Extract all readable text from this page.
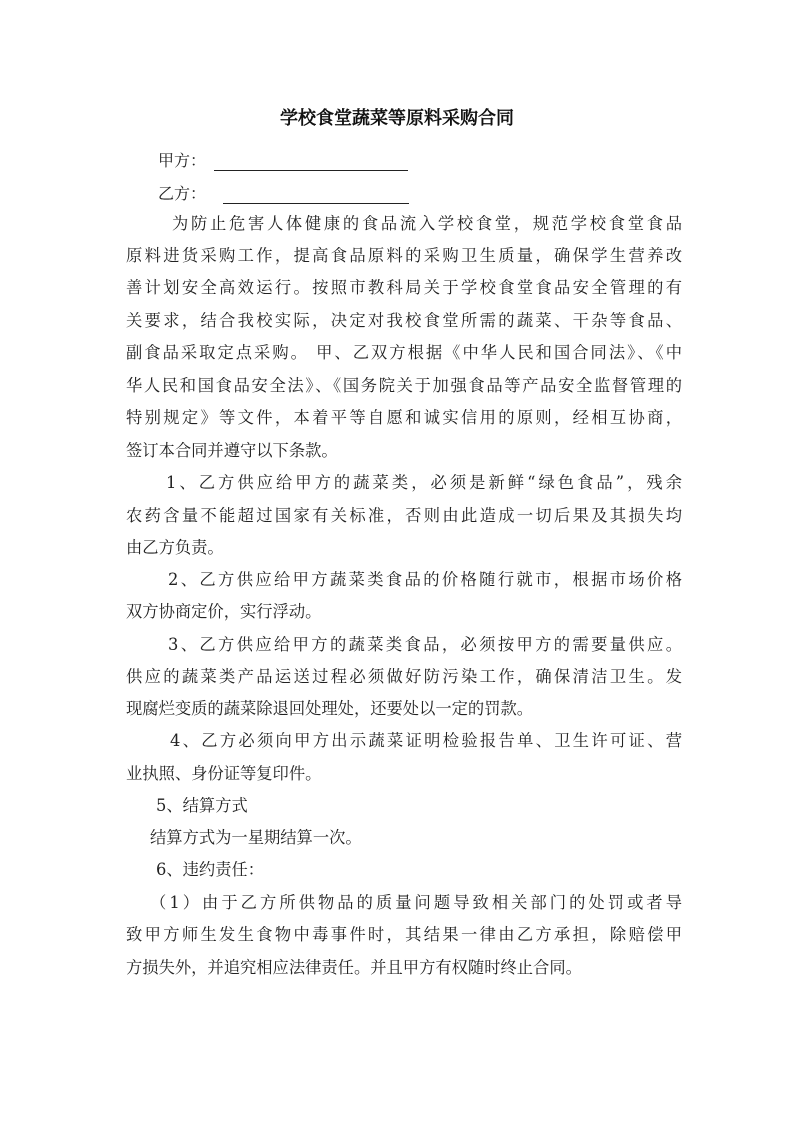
学校食堂蔬菜等原料采购合同
甲方：
乙方：
为防止危害人体健康的食品流入学校食堂，规范学校食堂食品
原料进货采购工作，提高食品原料的采购卫生质量，确保学生营养改
善计划安全高效运行。按照市教科局关于学校食堂食品安全管理的有
关要求，结合我校实际，决定对我校食堂所需的蔬菜、干杂等食品、
副食品采取定点采购。 甲、乙双方根据《中华人民和国合同法》、《中
华人民和国食品安全法》、《国务院关于加强食品等产品安全监督管理的
特别规定》等文件，本着平等自愿和诚实信用的原则，经相互协商，
签订本合同并遵守以下条款。
1、乙方供应给甲方的蔬菜类，必须是新鲜“绿色食品”，残余
农药含量不能超过国家有关标准，否则由此造成一切后果及其损失均
由乙方负责。
2、乙方供应给甲方蔬菜类食品的价格随行就市，根据市场价格
双方协商定价，实行浮动。
3、乙方供应给甲方的蔬菜类食品，必须按甲方的需要量供应。
供应的蔬菜类产品运送过程必须做好防污染工作，确保清洁卫生。发
现腐烂变质的蔬菜除退回处理处，还要处以一定的罚款。
4、乙方必须向甲方出示蔬菜证明检验报告单、卫生许可证、营
业执照、身份证等复印件。
5、结算方式
结算方式为一星期结算一次。
6、违约责任：
（1）由于乙方所供物品的质量问题导致相关部门的处罚或者导
致甲方师生发生食物中毒事件时，其结果一律由乙方承担，除赔偿甲
方损失外，并追究相应法律责任。并且甲方有权随时终止合同。
